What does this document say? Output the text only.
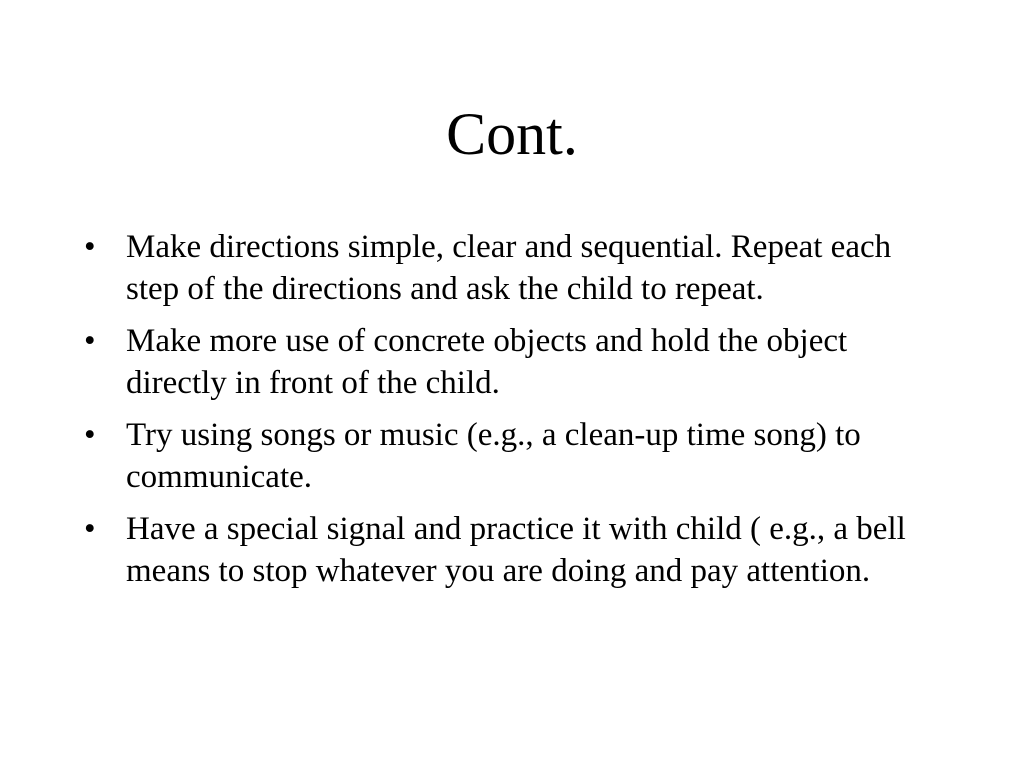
Cont.
• Make directions simple, clear and sequential. Repeat each step of the directions and ask the child to repeat.
• Make more use of concrete objects and hold the object directly in front of the child.
• Try using songs or music (e.g., a clean-up time song) to communicate.
• Have a special signal and practice it with child ( e.g., a bell means to stop whatever you are doing and pay attention.
